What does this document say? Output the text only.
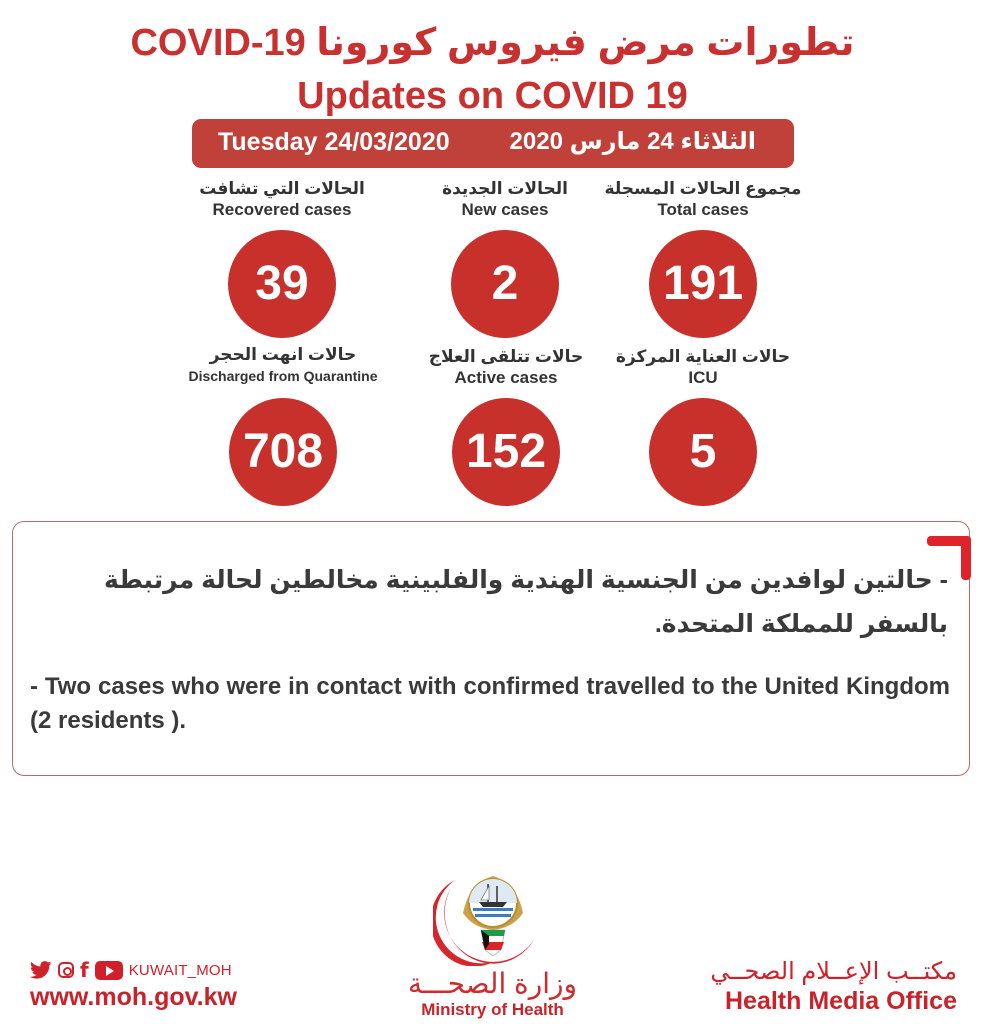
تطورات مرض فيروس كورونا COVID-19
Updates on COVID 19
Tuesday 24/03/2020 الثلاثاء 24 مارس 2020
الحالات التي تشافت
Recovered cases
39
الحالات الجديدة
New cases
2
مجموع الحالات المسجلة
Total cases
191
حالات انهت الحجر
Discharged from Quarantine
708
حالات تتلقى العلاج
Active cases
152
حالات العناية المركزة
ICU
5
- حالتين لوافدين من الجنسية الهندية والفلبينية مخالطين لحالة مرتبطة بالسفر للمملكة المتحدة.
- Two cases who were in contact with confirmed travelled to the United Kingdom (2 residents ).
f	KUWAIT_MOH
www.moh.gov.kw	وزارة الصحـــة
Ministry of Health
مكتــب الإعــلام الصحــي
Health Media Office
